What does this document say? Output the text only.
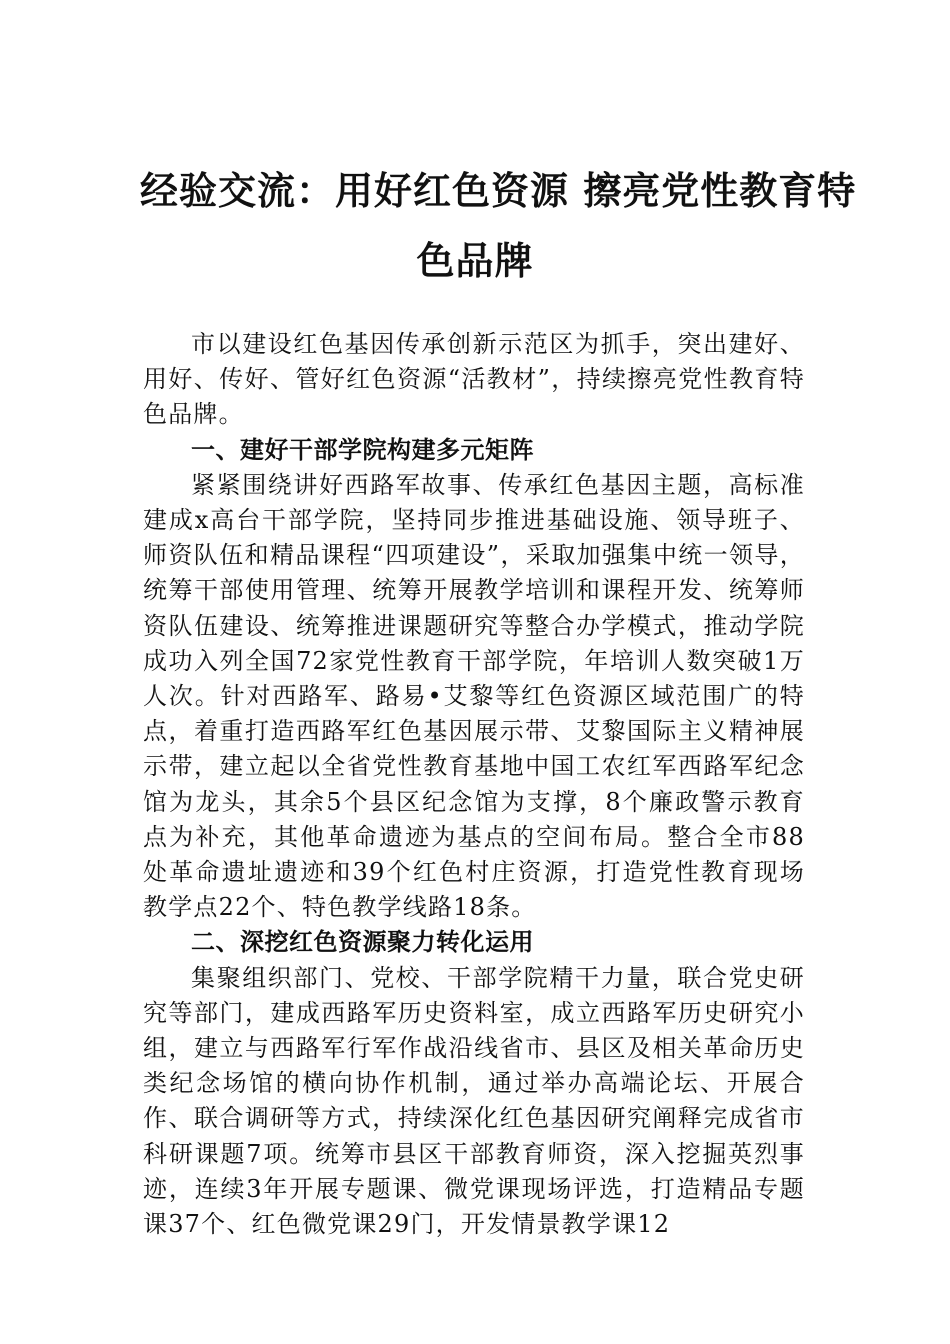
经验交流：用好红色资源 擦亮党性教育特
色品牌

市以建设红色基因传承创新示范区为抓手，突出建好、用好、传好、管好红色资源“活教材”，持续擦亮党性教育特色品牌。

一、建好干部学院构建多元矩阵

紧紧围绕讲好西路军故事、传承红色基因主题，高标准建成x高台干部学院，坚持同步推进基础设施、领导班子、师资队伍和精品课程“四项建设”，采取加强集中统一领导，统筹干部使用管理、统筹开展教学培训和课程开发、统筹师资队伍建设、统筹推进课题研究等整合办学模式，推动学院成功入列全国72家党性教育干部学院，年培训人数突破1万人次。针对西路军、路易•艾黎等红色资源区域范围广的特点，着重打造西路军红色基因展示带、艾黎国际主义精神展示带，建立起以全省党性教育基地中国工农红军西路军纪念馆为龙头，其余5个县区纪念馆为支撑，8个廉政警示教育点为补充，其他革命遗迹为基点的空间布局。整合全市88处革命遗址遗迹和39个红色村庄资源，打造党性教育现场教学点22个、特色教学线路18条。

二、深挖红色资源聚力转化运用

集聚组织部门、党校、干部学院精干力量，联合党史研究等部门，建成西路军历史资料室，成立西路军历史研究小组，建立与西路军行军作战沿线省市、县区及相关革命历史类纪念场馆的横向协作机制，通过举办高端论坛、开展合作、联合调研等方式，持续深化红色基因研究阐释完成省市科研课题7项。统筹市县区干部教育师资，深入挖掘英烈事迹，连续3年开展专题课、微党课现场评选，打造精品专题课37个、红色微党课29门，开发情景教学课12
